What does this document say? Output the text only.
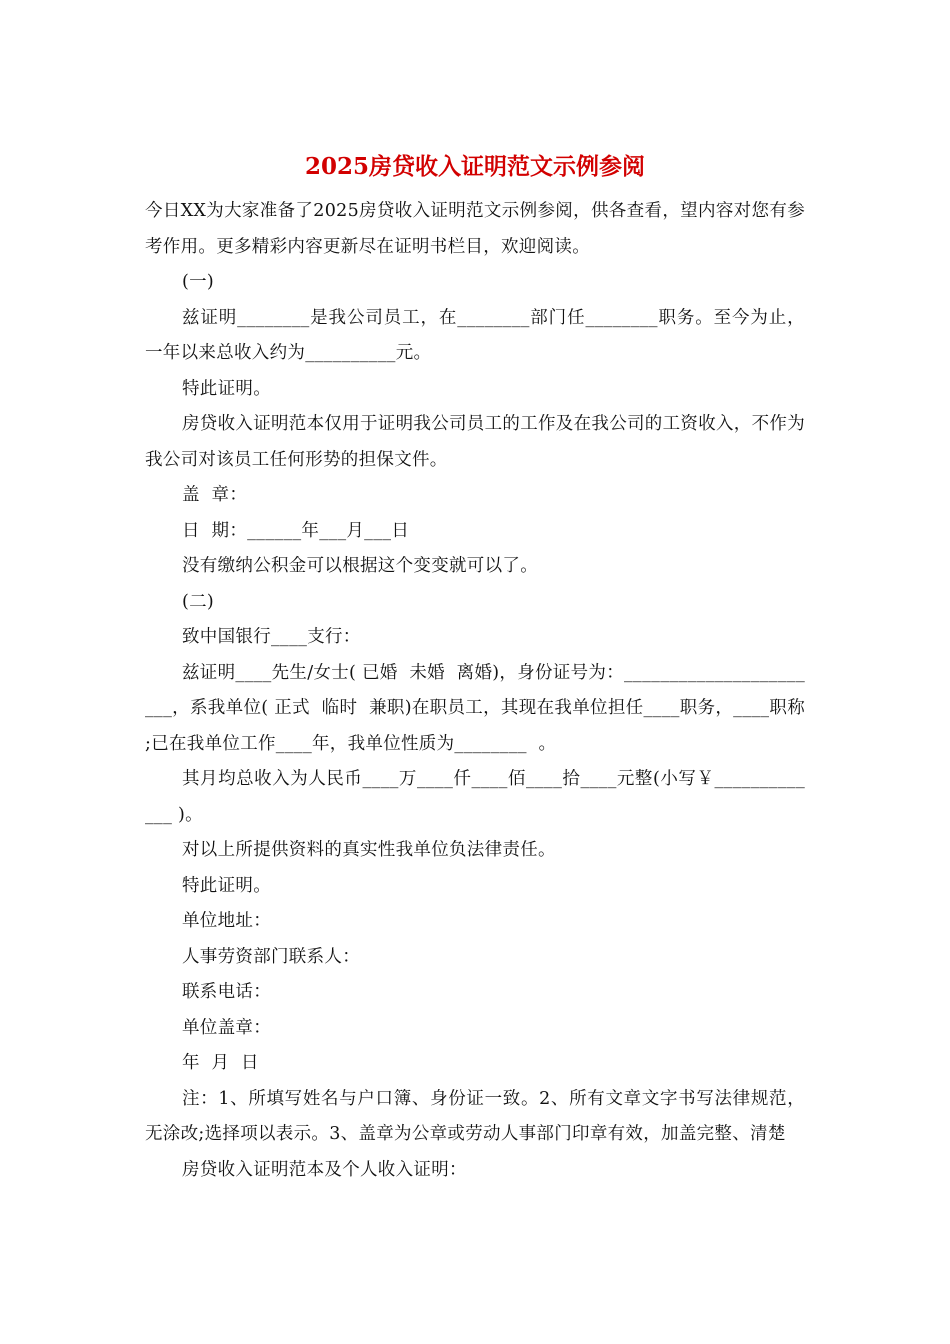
2025房贷收入证明范文示例参阅

今日XX为大家准备了2025房贷收入证明范文示例参阅，供各查看，望内容对您有参考作用。更多精彩内容更新尽在证明书栏目，欢迎阅读。

(一)

兹证明________是我公司员工，在________部门任________职务。至今为止，一年以来总收入约为__________元。

特此证明。

房贷收入证明范本仅用于证明我公司员工的工作及在我公司的工资收入，不作为我公司对该员工任何形势的担保文件。

盖  章：

日  期：______年___月___日

没有缴纳公积金可以根据这个变变就可以了。

(二)

致中国银行____支行：

兹证明____先生/女士( 已婚  未婚  离婚)，身份证号为：_______________________，系我单位( 正式  临时  兼职)在职员工，其现在我单位担任____职务，____职称 ;已在我单位工作____年，我单位性质为________  。

其月均总收入为人民币____万____仟____佰____拾____元整(小写￥_____________ )。

对以上所提供资料的真实性我单位负法律责任。

特此证明。

单位地址：

人事劳资部门联系人：

联系电话：

单位盖章：

年  月  日

注：1、所填写姓名与户口簿、身份证一致。2、所有文章文字书写法律规范，无涂改;选择项以表示。3、盖章为公章或劳动人事部门印章有效，加盖完整、清楚

房贷收入证明范本及个人收入证明：
